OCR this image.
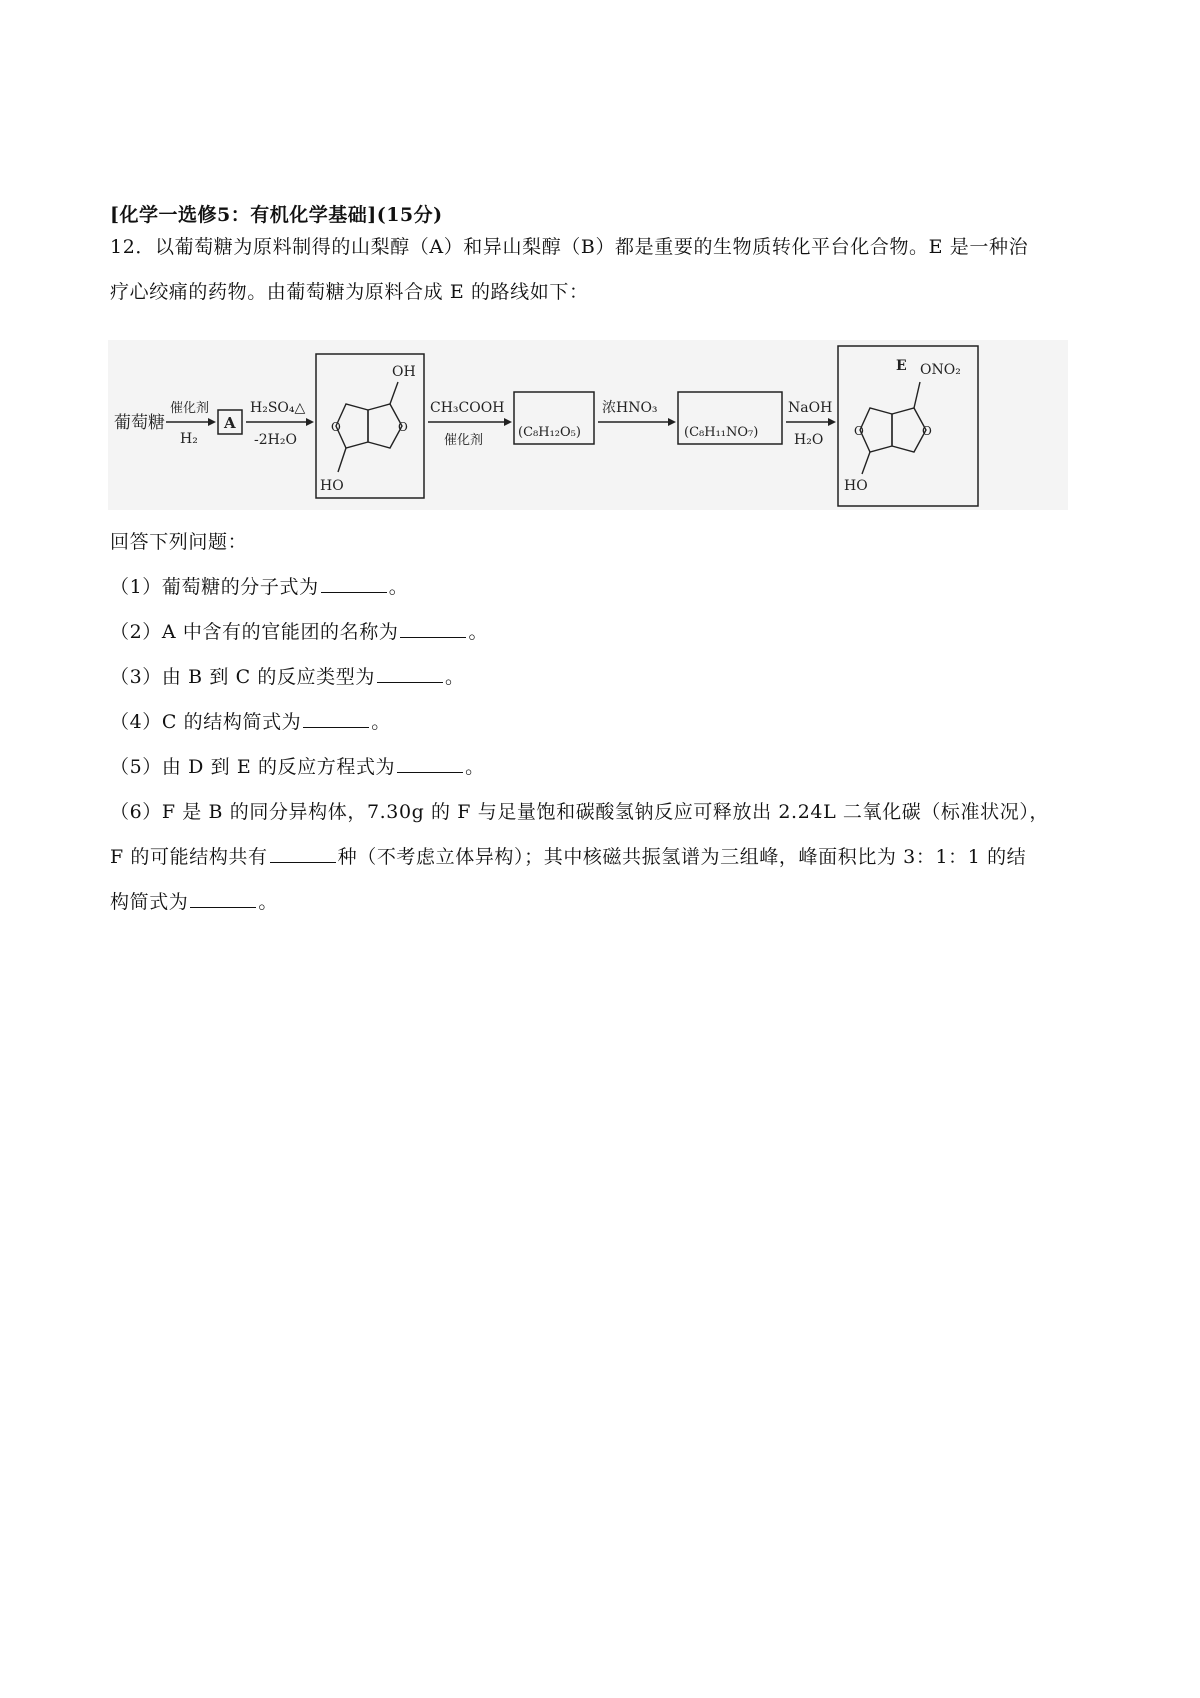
[化学一选修5：有机化学基础](15分)
12．以葡萄糖为原料制得的山梨醇（A）和异山梨醇（B）都是重要的生物质转化平台化合物。E 是一种治
疗心绞痛的药物。由葡萄糖为原料合成 E 的路线如下：
葡萄糖
催化剂
H₂
A
H₂SO₄△
-2H₂O
OH
HO
O	O
CH₃COOH
催化剂
(C₈H₁₂O₅)
浓HNO₃
(C₈H₁₁NO₇)
NaOH
H₂O
E ONO₂
HO
O	O
回答下列问题：
（1）葡萄糖的分子式为	。
（2）A 中含有的官能团的名称为	。
（3）由 B 到 C 的反应类型为	。
（4）C 的结构简式为	。
（5）由 D 到 E 的反应方程式为	。
（6）F 是 B 的同分异构体，7.30g 的 F 与足量饱和碳酸氢钠反应可释放出 2.24L 二氧化碳（标准状况），
F 的可能结构共有	种（不考虑立体异构）；其中核磁共振氢谱为三组峰，峰面积比为 3：1：1 的结
构简式为	。
